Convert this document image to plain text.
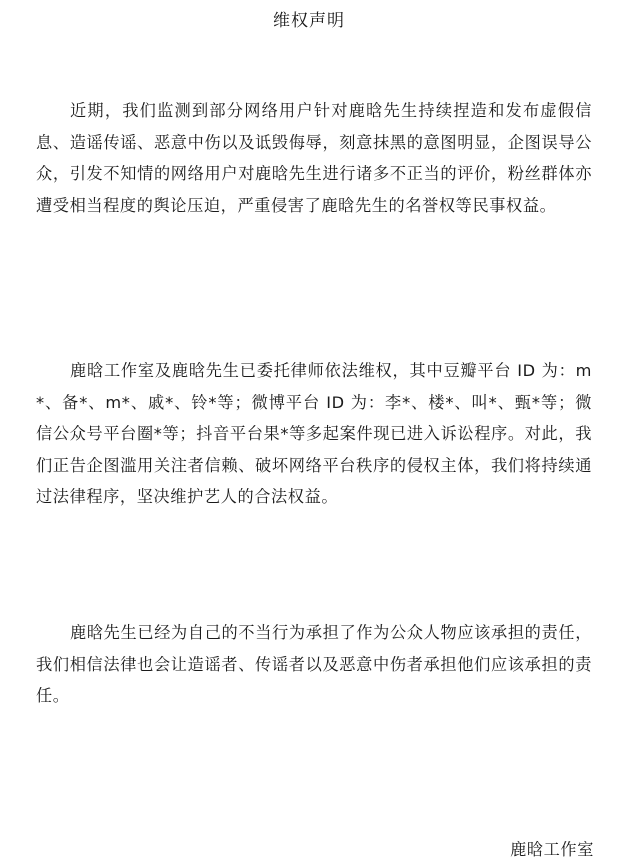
维权声明

近期，我们监测到部分网络用户针对鹿晗先生持续捏造和发布虚假信息、造谣传谣、恶意中伤以及诋毁侮辱，刻意抹黑的意图明显，企图误导公众，引发不知情的网络用户对鹿晗先生进行诸多不正当的评价，粉丝群体亦遭受相当程度的舆论压迫，严重侵害了鹿晗先生的名誉权等民事权益。

鹿晗工作室及鹿晗先生已委托律师依法维权，其中豆瓣平台 ID 为：m*、备*、m*、戚*、铃*等；微博平台 ID 为：李*、楼*、叫*、甄*等；微信公众号平台圈*等；抖音平台果*等多起案件现已进入诉讼程序。对此，我们正告企图滥用关注者信赖、破坏网络平台秩序的侵权主体，我们将持续通过法律程序，坚决维护艺人的合法权益。

鹿晗先生已经为自己的不当行为承担了作为公众人物应该承担的责任，我们相信法律也会让造谣者、传谣者以及恶意中伤者承担他们应该承担的责任。

鹿晗工作室
